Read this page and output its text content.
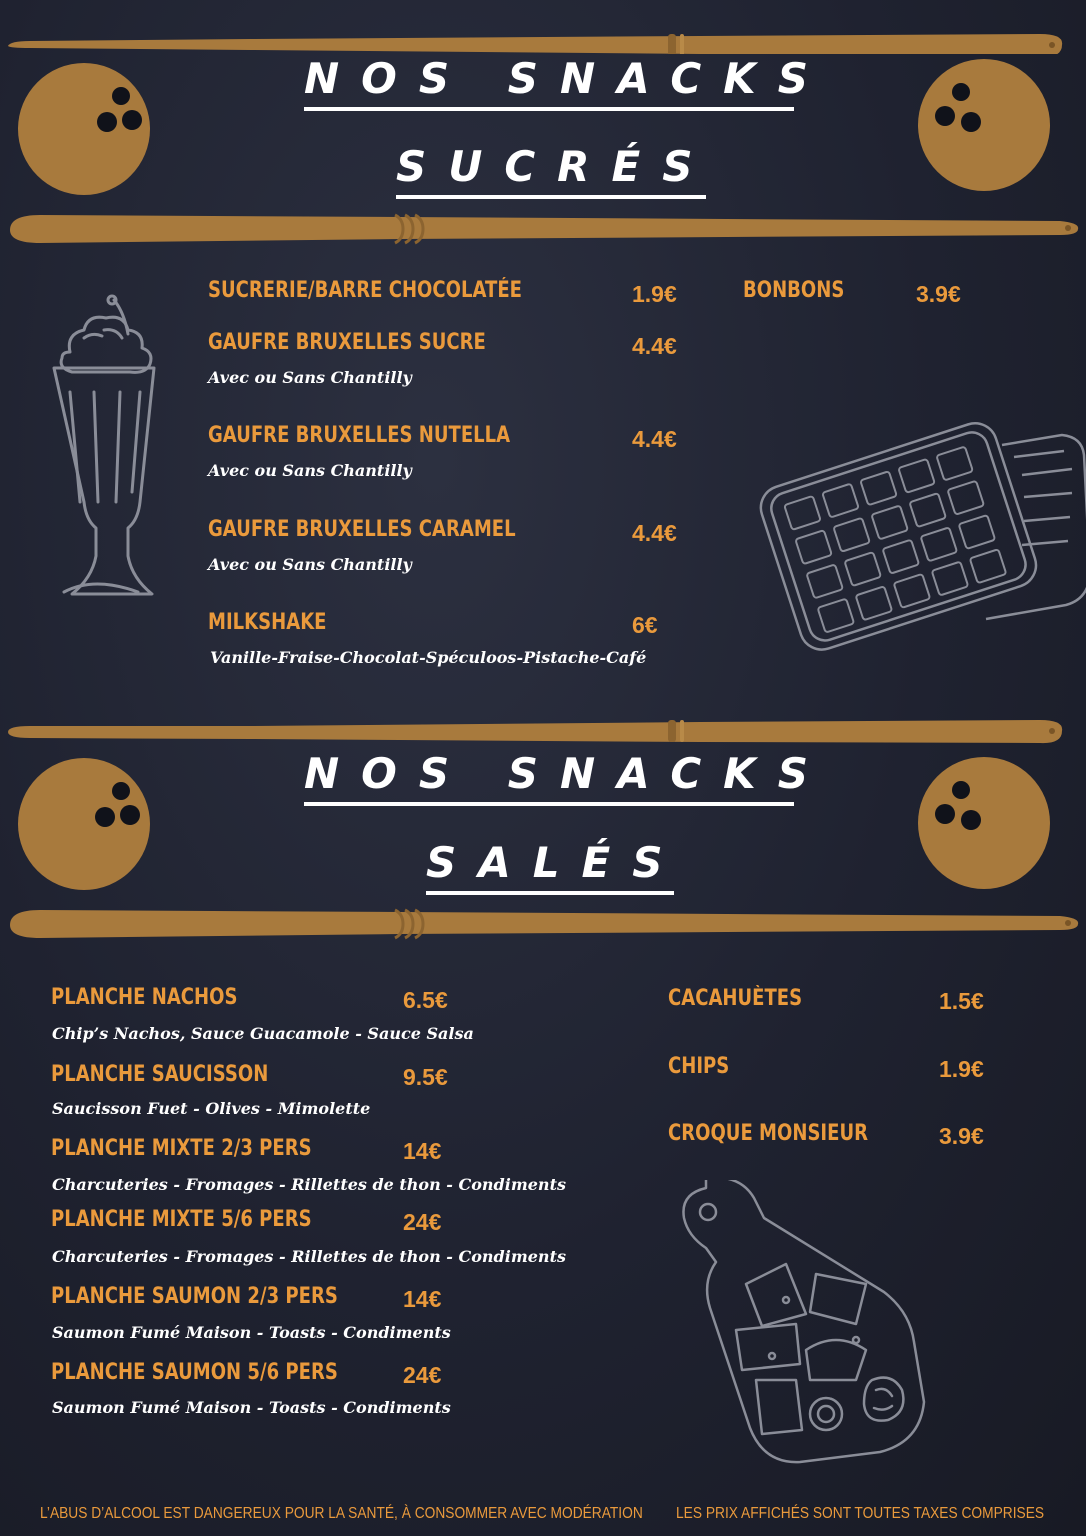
NOS SNACKS
SUCRÉS
SUCRERIE/BARRE CHOCOLATÉE	1.9€
GAUFRE BRUXELLES SUCRE	4.4€
Avec ou Sans Chantilly
GAUFRE BRUXELLES NUTELLA	4.4€
Avec ou Sans Chantilly
GAUFRE BRUXELLES CARAMEL	4.4€
Avec ou Sans Chantilly
MILKSHAKE	6€
Vanille-Fraise-Chocolat-Spéculoos-Pistache-Café
BONBONS	3.9€
NOS SNACKS
SALÉS
PLANCHE NACHOS	6.5€
Chip’s Nachos, Sauce Guacamole - Sauce Salsa
PLANCHE SAUCISSON	9.5€
Saucisson Fuet - Olives - Mimolette
PLANCHE MIXTE 2/3 PERS	14€
Charcuteries - Fromages - Rillettes de thon - Condiments
PLANCHE MIXTE 5/6 PERS	24€
Charcuteries - Fromages - Rillettes de thon - Condiments
PLANCHE SAUMON 2/3 PERS	14€
Saumon Fumé Maison - Toasts - Condiments
PLANCHE SAUMON 5/6 PERS	24€
Saumon Fumé Maison - Toasts - Condiments
CACAHUÈTES	1.5€
CHIPS	1.9€
CROQUE MONSIEUR	3.9€
L’ABUS D’ALCOOL EST DANGEREUX POUR LA SANTÉ, À CONSOMMER AVEC MODÉRATION LES PRIX AFFICHÉS SONT TOUTES TAXES COMPRISES
